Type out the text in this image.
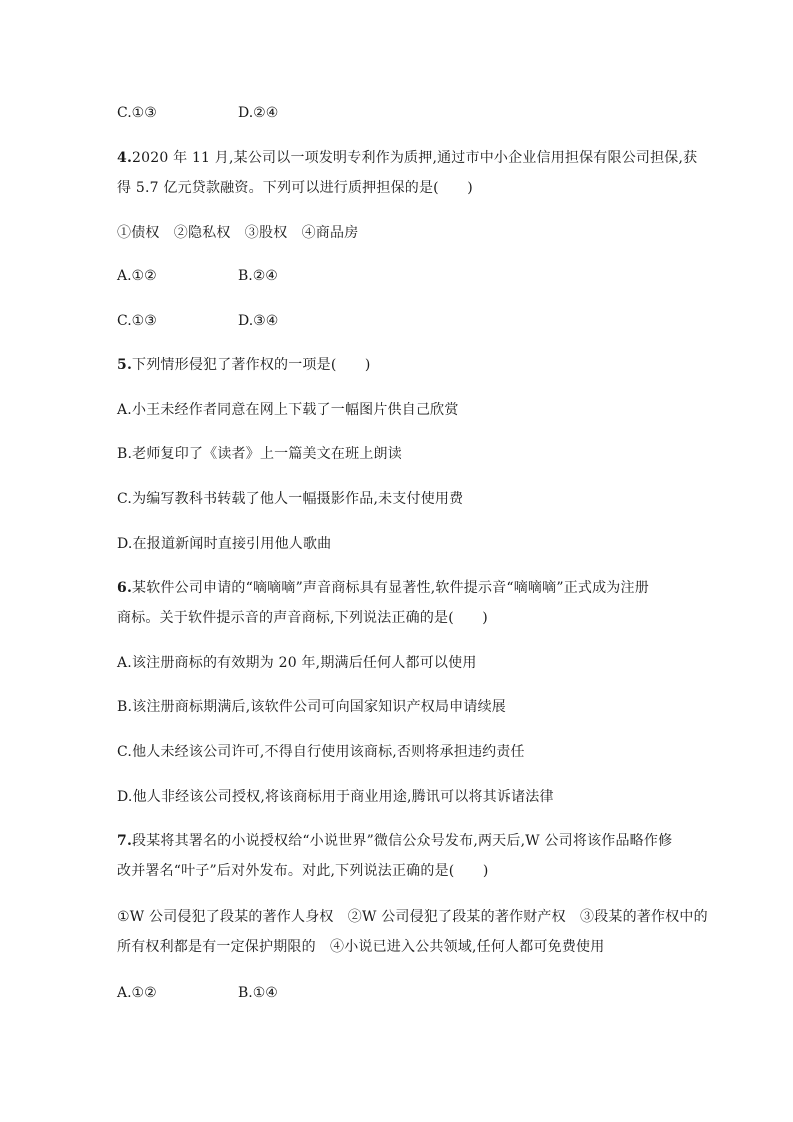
C.①③	D.②④
4.2020 年 11 月,某公司以一项发明专利作为质押,通过市中小企业信用担保有限公司担保,获
得 5.7 亿元贷款融资。下列可以进行质押担保的是(　　)
①债权　②隐私权　③股权　④商品房
A.①②	B.②④
C.①③	D.③④
5.下列情形侵犯了著作权的一项是(　　)
A.小王未经作者同意在网上下载了一幅图片供自己欣赏
B.老师复印了《读者》上一篇美文在班上朗读
C.为编写教科书转载了他人一幅摄影作品,未支付使用费
D.在报道新闻时直接引用他人歌曲
6.某软件公司申请的“嘀嘀嘀”声音商标具有显著性,软件提示音“嘀嘀嘀”正式成为注册
商标。关于软件提示音的声音商标,下列说法正确的是(　　)
A.该注册商标的有效期为 20 年,期满后任何人都可以使用
B.该注册商标期满后,该软件公司可向国家知识产权局申请续展
C.他人未经该公司许可,不得自行使用该商标,否则将承担违约责任
D.他人非经该公司授权,将该商标用于商业用途,腾讯可以将其诉诸法律
7.段某将其署名的小说授权给“小说世界”微信公众号发布,两天后,W 公司将该作品略作修
改并署名“叶子”后对外发布。对此,下列说法正确的是(　　)
①W 公司侵犯了段某的著作人身权　②W 公司侵犯了段某的著作财产权　③段某的著作权中的
所有权利都是有一定保护期限的　④小说已进入公共领域,任何人都可免费使用
A.①②	B.①④
